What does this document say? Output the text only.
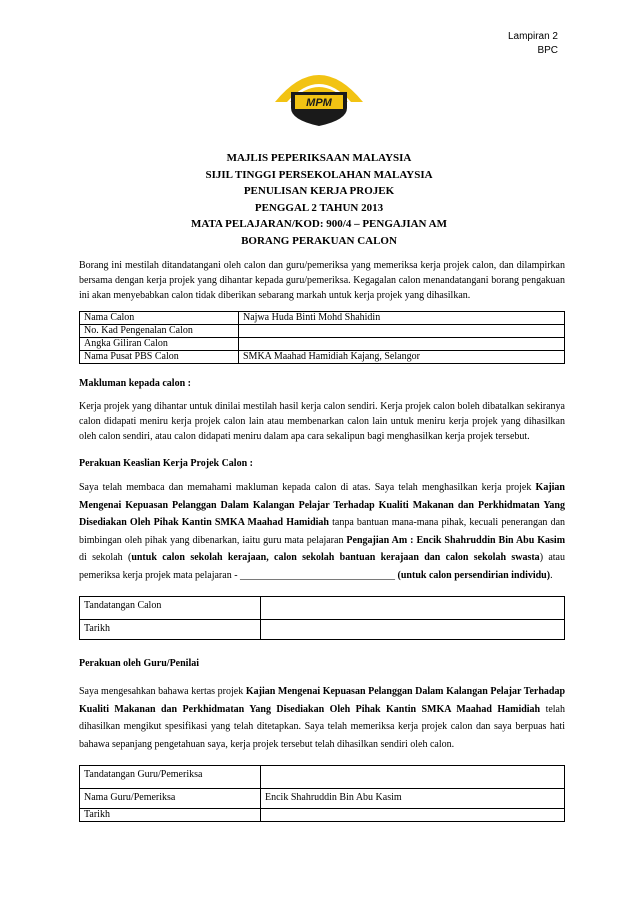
Lampiran 2
BPC
MPM
MAJLIS PEPERIKSAAN MALAYSIA
SIJIL TINGGI PERSEKOLAHAN MALAYSIA
PENULISAN KERJA PROJEK
PENGGAL 2 TAHUN 2013
MATA PELAJARAN/KOD: 900/4 – PENGAJIAN AM
BORANG PERAKUAN CALON

Borang ini mestilah ditandatangani oleh calon dan guru/pemeriksa yang memeriksa kerja projek calon, dan dilampirkan bersama dengan kerja projek yang dihantar kepada guru/pemeriksa. Kegagalan calon menandatangani borang pengakuan ini akan menyebabkan calon tidak diberikan sebarang markah untuk kerja projek yang dihasilkan.

Nama Calon	Najwa Huda Binti Mohd Shahidin
No. Kad Pengenalan Calon	
Angka Giliran Calon	
Nama Pusat PBS Calon	SMKA Maahad Hamidiah Kajang, Selangor

Makluman kepada calon :

Kerja projek yang dihantar untuk dinilai mestilah hasil kerja calon sendiri. Kerja projek calon boleh dibatalkan sekiranya calon didapati meniru kerja projek calon lain atau membenarkan calon lain untuk meniru kerja projek yang dihasilkan oleh calon sendiri, atau calon didapati meniru dalam apa cara sekalipun bagi menghasilkan kerja projek tersebut.

Perakuan Keaslian Kerja Projek Calon :

Saya telah membaca dan memahami makluman kepada calon di atas. Saya telah menghasilkan kerja projek Kajian Mengenai Kepuasan Pelanggan Dalam Kalangan Pelajar Terhadap Kualiti Makanan dan Perkhidmatan Yang Disediakan Oleh Pihak Kantin SMKA Maahad Hamidiah tanpa bantuan mana-mana pihak, kecuali penerangan dan bimbingan oleh pihak yang dibenarkan, iaitu guru mata pelajaran Pengajian Am : Encik Shahruddin Bin Abu Kasim di sekolah (untuk calon sekolah kerajaan, calon sekolah bantuan kerajaan dan calon sekolah swasta) atau pemeriksa kerja projek mata pelajaran - _______________________________ (untuk calon persendirian individu).

Tandatangan Calon	
Tarikh	

Perakuan oleh Guru/Penilai

Saya mengesahkan bahawa kertas projek Kajian Mengenai Kepuasan Pelanggan Dalam Kalangan Pelajar Terhadap Kualiti Makanan dan Perkhidmatan Yang Disediakan Oleh Pihak Kantin SMKA Maahad Hamidiah telah dihasilkan mengikut spesifikasi yang telah ditetapkan. Saya telah memeriksa kerja projek calon dan saya berpuas hati bahawa sepanjang pengetahuan saya, kerja projek tersebut telah dihasilkan sendiri oleh calon.

Tandatangan Guru/Pemeriksa	
Nama Guru/Pemeriksa	Encik Shahruddin Bin Abu Kasim
Tarikh	
